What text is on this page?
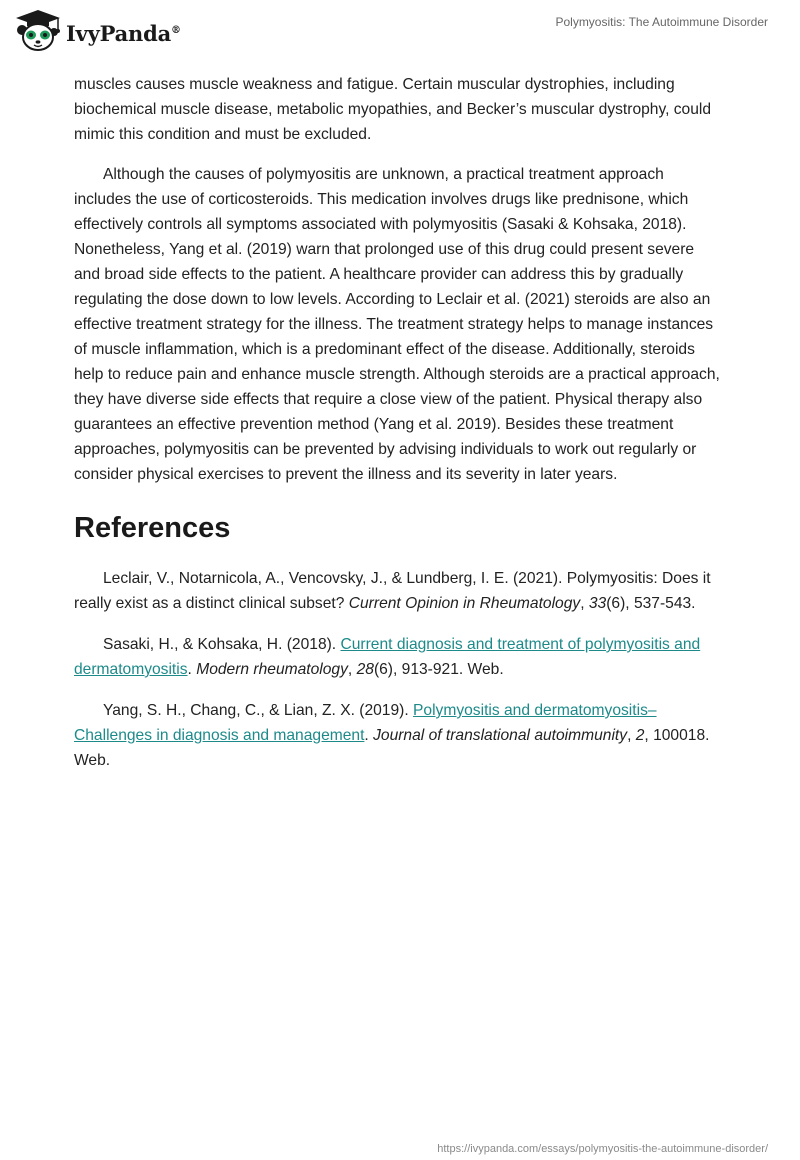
IvyPanda®
Polymyositis: The Autoimmune Disorder

muscles causes muscle weakness and fatigue. Certain muscular dystrophies, including biochemical muscle disease, metabolic myopathies, and Becker’s muscular dystrophy, could mimic this condition and must be excluded.

Although the causes of polymyositis are unknown, a practical treatment approach includes the use of corticosteroids. This medication involves drugs like prednisone, which effectively controls all symptoms associated with polymyositis (Sasaki & Kohsaka, 2018). Nonetheless, Yang et al. (2019) warn that prolonged use of this drug could present severe and broad side effects to the patient. A healthcare provider can address this by gradually regulating the dose down to low levels. According to Leclair et al. (2021) steroids are also an effective treatment strategy for the illness. The treatment strategy helps to manage instances of muscle inflammation, which is a predominant effect of the disease. Additionally, steroids help to reduce pain and enhance muscle strength. Although steroids are a practical approach, they have diverse side effects that require a close view of the patient. Physical therapy also guarantees an effective prevention method (Yang et al. 2019). Besides these treatment approaches, polymyositis can be prevented by advising individuals to work out regularly or consider physical exercises to prevent the illness and its severity in later years.

References

Leclair, V., Notarnicola, A., Vencovsky, J., & Lundberg, I. E. (2021). Polymyositis: Does it really exist as a distinct clinical subset? Current Opinion in Rheumatology, 33(6), 537-543.

Sasaki, H., & Kohsaka, H. (2018). Current diagnosis and treatment of polymyositis and dermatomyositis. Modern rheumatology, 28(6), 913-921. Web.

Yang, S. H., Chang, C., & Lian, Z. X. (2019). Polymyositis and dermatomyositis–Challenges in diagnosis and management. Journal of translational autoimmunity, 2, 100018. Web.

https://ivypanda.com/essays/polymyositis-the-autoimmune-disorder/
